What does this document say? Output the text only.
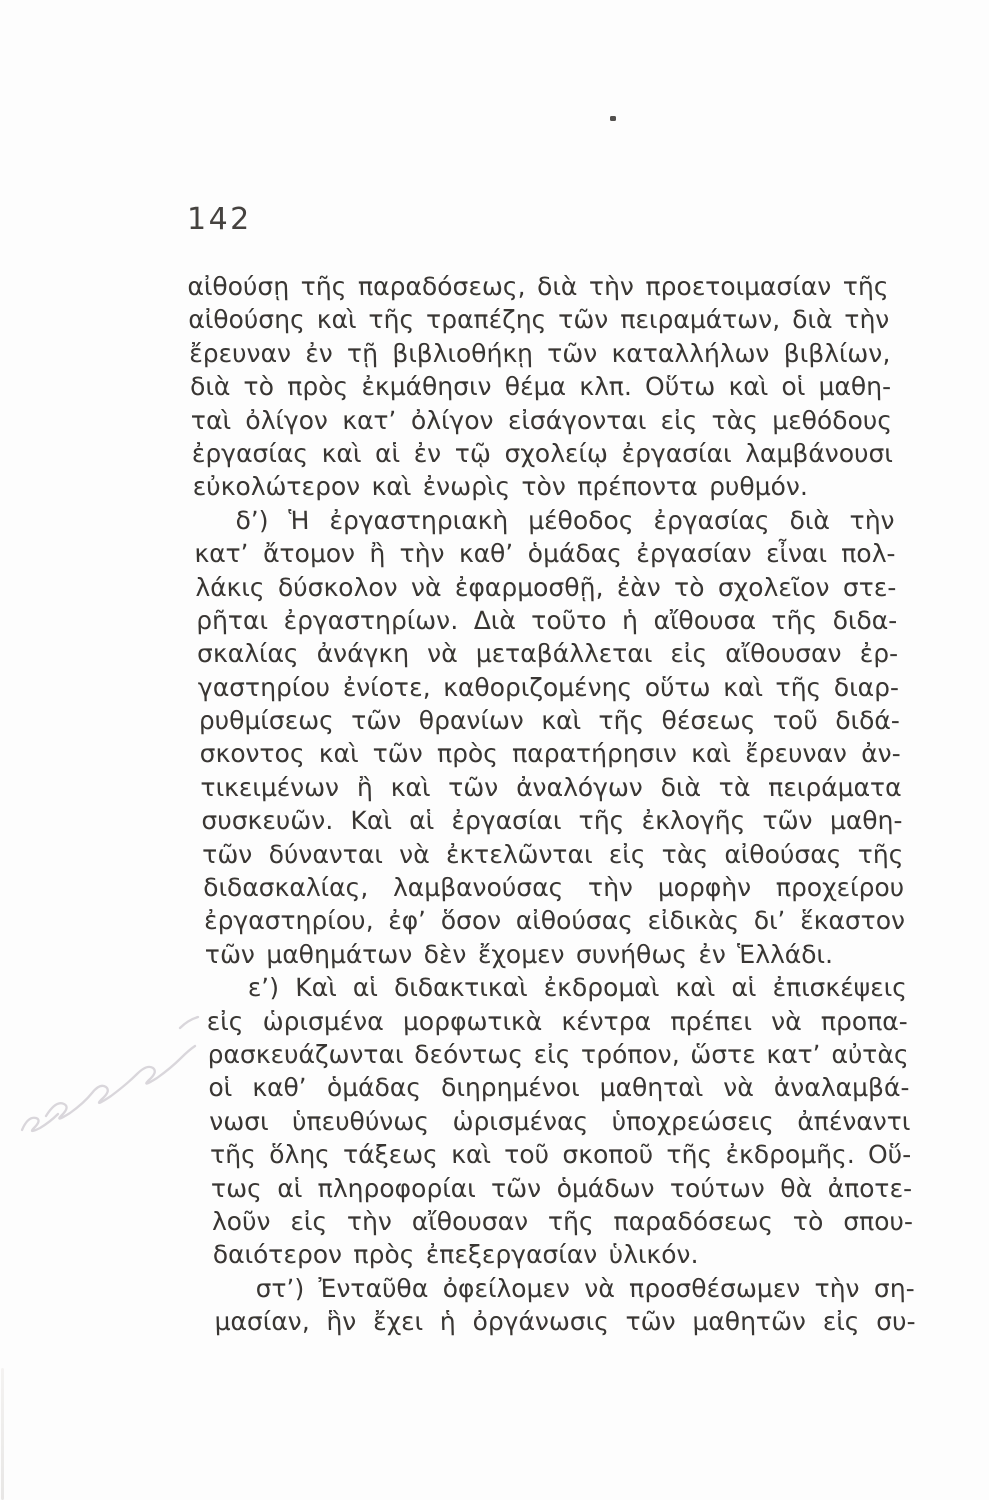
142
αἰθούσῃ τῆς παραδόσεως, διὰ τὴν προετοιμασίαν τῆς
αἰθούσης καὶ τῆς τραπέζης τῶν πειραμάτων, διὰ τὴν
ἔρευναν ἐν τῇ βιβλιοθήκῃ τῶν καταλλήλων βιβλίων,
διὰ τὸ πρὸς ἐκμάθησιν θέμα κλπ. Οὕτω καὶ οἱ μαθη-
ταὶ ὀλίγον κατ’ ὀλίγον εἰσάγονται εἰς τὰς μεθόδους
ἐργασίας καὶ αἱ ἐν τῷ σχολείῳ ἐργασίαι λαμβάνουσι
εὐκολώτερον καὶ ἐνωρὶς τὸν πρέποντα ρυθμόν.
δ’) Ἡ ἐργαστηριακὴ μέθοδος ἐργασίας διὰ τὴν
κατ’ ἄτομον ἢ τὴν καθ’ ὁμάδας ἐργασίαν εἶναι πολ-
λάκις δύσκολον νὰ ἐφαρμοσθῇ, ἐὰν τὸ σχολεῖον στε-
ρῆται ἐργαστηρίων. Διὰ τοῦτο ἡ αἴθουσα τῆς διδα-
σκαλίας ἀνάγκη νὰ μεταβάλλεται εἰς αἴθουσαν ἐρ-
γαστηρίου ἐνίοτε, καθοριζομένης οὕτω καὶ τῆς διαρ-
ρυθμίσεως τῶν θρανίων καὶ τῆς θέσεως τοῦ διδά-
σκοντος καὶ τῶν πρὸς παρατήρησιν καὶ ἔρευναν ἀν-
τικειμένων ἢ καὶ τῶν ἀναλόγων διὰ τὰ πειράματα
συσκευῶν. Καὶ αἱ ἐργασίαι τῆς ἐκλογῆς τῶν μαθη-
τῶν δύνανται νὰ ἐκτελῶνται εἰς τὰς αἰθούσας τῆς
διδασκαλίας, λαμβανούσας τὴν μορφὴν προχείρου
ἐργαστηρίου, ἐφ’ ὅσον αἰθούσας εἰδικὰς δι’ ἕκαστον
τῶν μαθημάτων δὲν ἔχομεν συνήθως ἐν Ἑλλάδι.
ε’) Καὶ αἱ διδακτικαὶ ἐκδρομαὶ καὶ αἱ ἐπισκέψεις
εἰς ὡρισμένα μορφωτικὰ κέντρα πρέπει νὰ προπα-
ρασκευάζωνται δεόντως εἰς τρόπον, ὥστε κατ’ αὐτὰς
οἱ καθ’ ὁμάδας διηρημένοι μαθηταὶ νὰ ἀναλαμβά-
νωσι ὑπευθύνως ὡρισμένας ὑποχρεώσεις ἀπέναντι
τῆς ὅλης τάξεως καὶ τοῦ σκοποῦ τῆς ἐκδρομῆς. Οὕ-
τως αἱ πληροφορίαι τῶν ὁμάδων τούτων θὰ ἀποτε-
λοῦν εἰς τὴν αἴθουσαν τῆς παραδόσεως τὸ σπου-
δαιότερον πρὸς ἐπεξεργασίαν ὑλικόν.
στ’) Ἐνταῦθα ὀφείλομεν νὰ προσθέσωμεν τὴν ση-
μασίαν, ἣν ἔχει ἡ ὀργάνωσις τῶν μαθητῶν εἰς συ-
